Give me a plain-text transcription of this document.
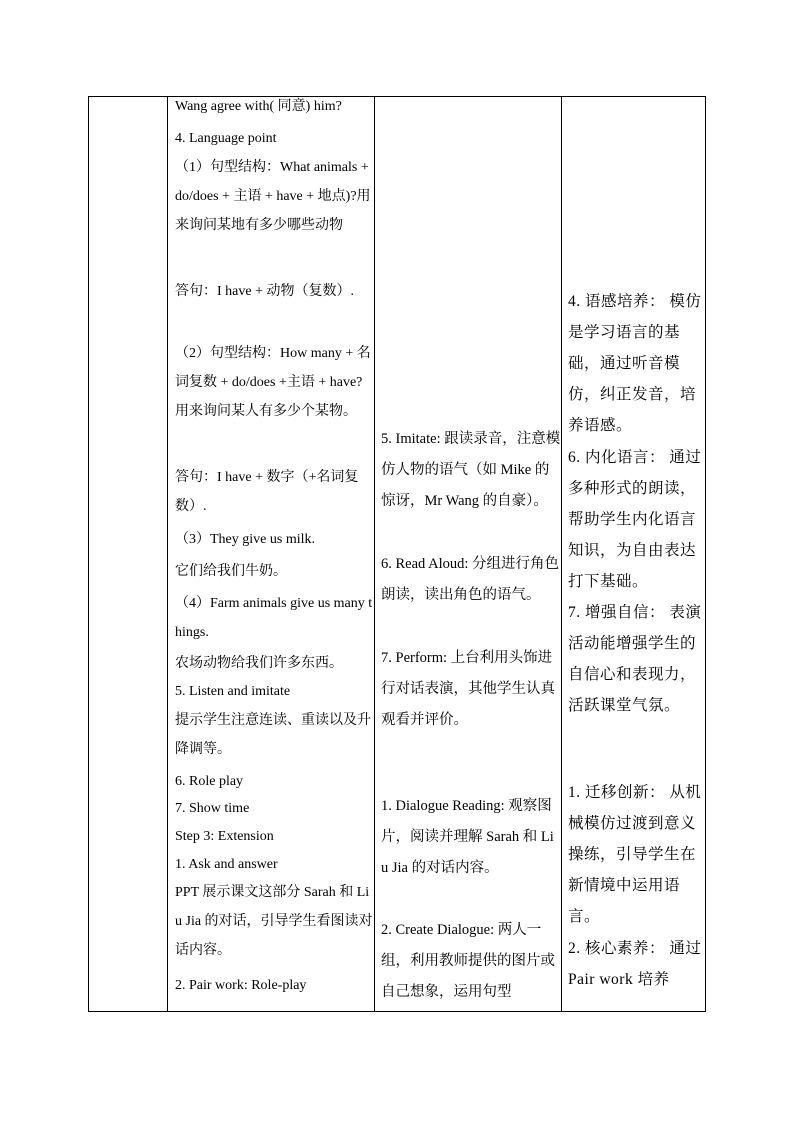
Wang agree with( 同意) him?

4. Language point

（1）句型结构：What animals + do/does + 主语 + have + 地点)?用来询问某地有多少哪些动物

答句：I have + 动物（复数）.

（2）句型结构：How many + 名词复数 + do/does +主语 + have? 用来询问某人有多少个某物。

答句：I have + 数字（+名词复数）.

（3）They give us milk.

它们给我们牛奶。

（4）Farm animals give us many things.

农场动物给我们许多东西。

5. Listen and imitate

提示学生注意连读、重读以及升降调等。

6. Role play

7. Show time

Step 3: Extension

1. Ask and answer

PPT 展示课文这部分 Sarah 和 Liu Jia 的对话，引导学生看图读对话内容。

2. Pair work: Role-play

5. Imitate: 跟读录音，注意模仿人物的语气（如 Mike 的惊讶，Mr Wang 的自豪）。

6. Read Aloud: 分组进行角色朗读，读出角色的语气。

7. Perform: 上台利用头饰进行对话表演，其他学生认真观看并评价。

1. Dialogue Reading: 观察图片，阅读并理解 Sarah 和 Liu Jia 的对话内容。

2. Create Dialogue: 两人一组，利用教师提供的图片或自己想象，运用句型

4. 语感培养： 模仿是学习语言的基础，通过听音模仿，纠正发音，培养语感。

6. 内化语言： 通过多种形式的朗读，帮助学生内化语言知识，为自由表达打下基础。

7. 增强自信： 表演活动能增强学生的自信心和表现力，活跃课堂气氛。

1. 迁移创新： 从机械模仿过渡到意义操练，引导学生在新情境中运用语言。

2. 核心素养： 通过 Pair work 培养
